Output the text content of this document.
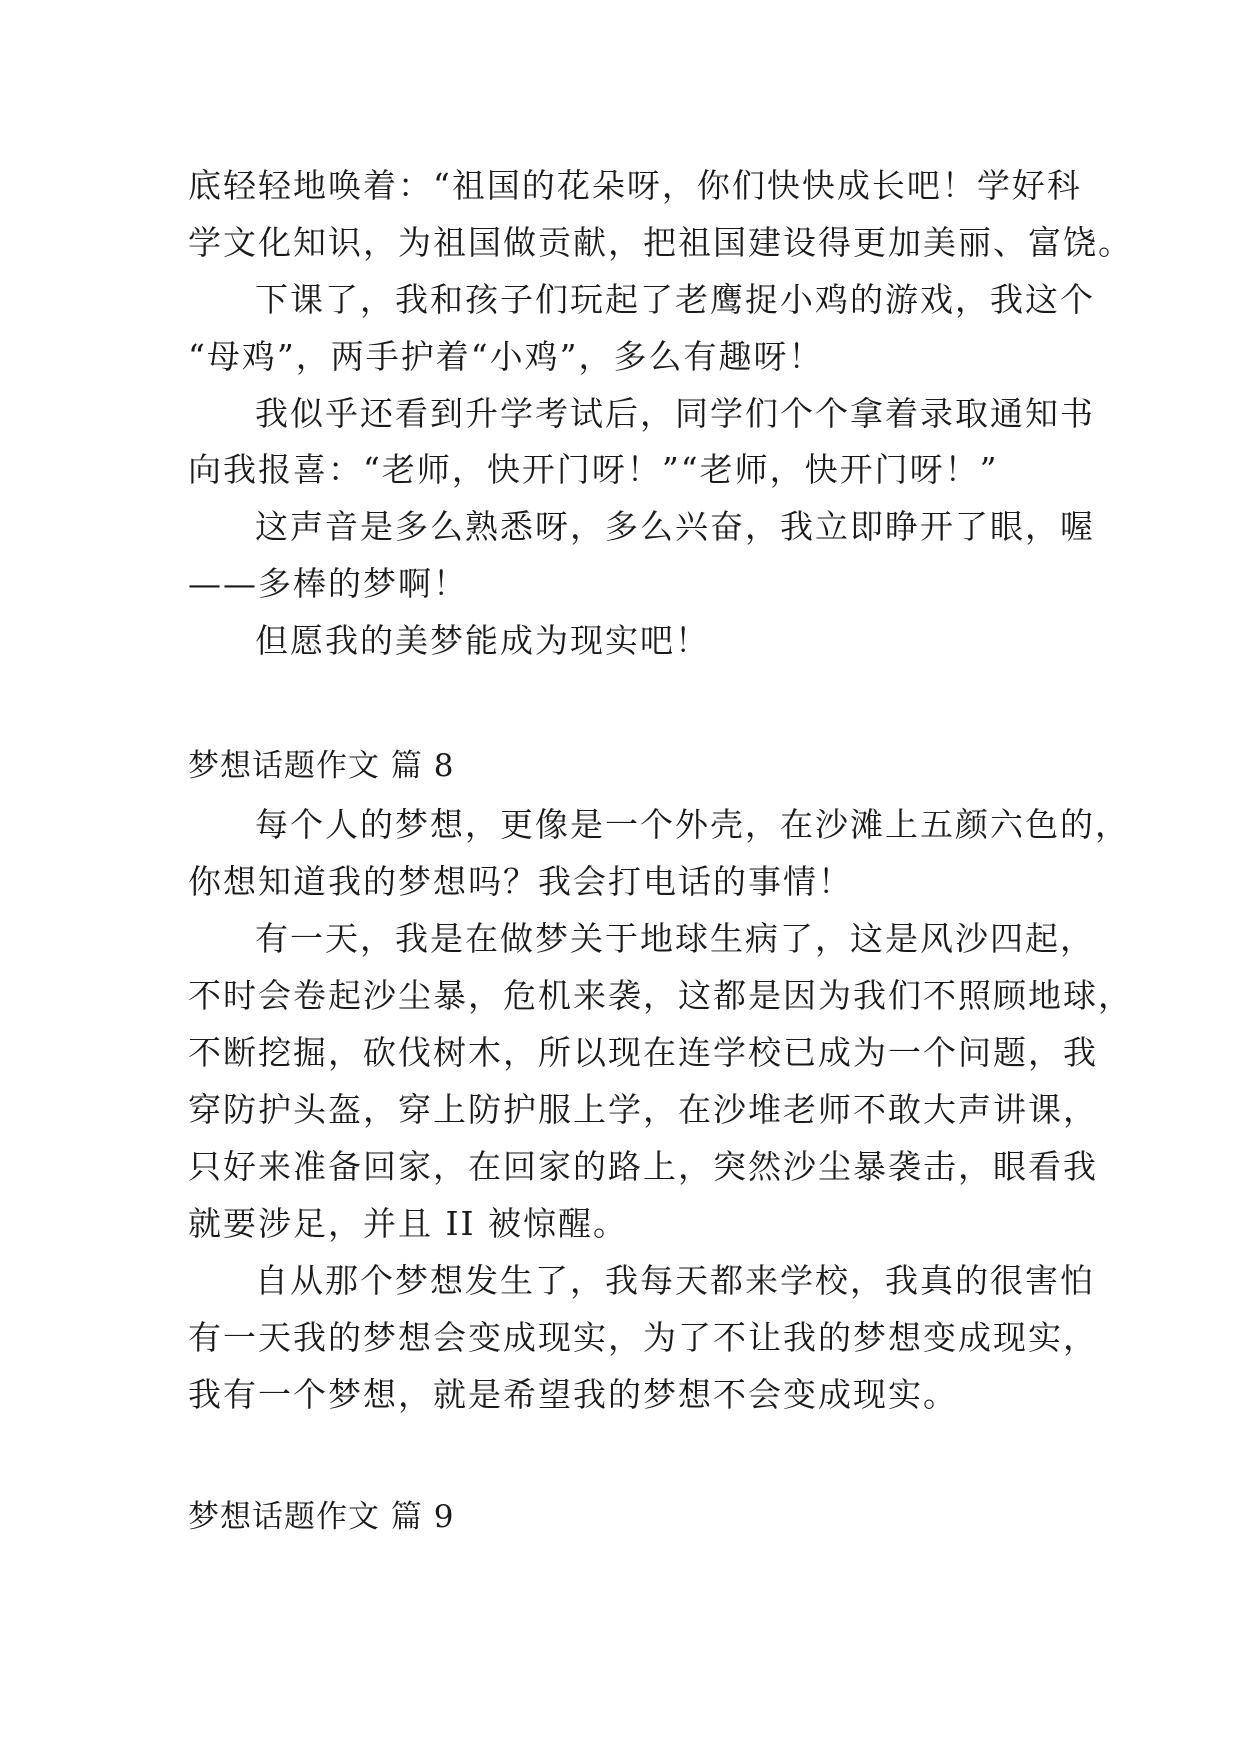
底轻轻地唤着：“祖国的花朵呀，你们快快成长吧！学好科
学文化知识，为祖国做贡献，把祖国建设得更加美丽、富饶。
下课了，我和孩子们玩起了老鹰捉小鸡的游戏，我这个
“母鸡”，两手护着“小鸡”，多么有趣呀！
我似乎还看到升学考试后，同学们个个拿着录取通知书
向我报喜：“老师，快开门呀！”“老师，快开门呀！”
这声音是多么熟悉呀，多么兴奋，我立即睁开了眼，喔
——多棒的梦啊！
但愿我的美梦能成为现实吧！
梦想话题作文 篇 8
每个人的梦想，更像是一个外壳，在沙滩上五颜六色的，
你想知道我的梦想吗？我会打电话的事情！
有一天，我是在做梦关于地球生病了，这是风沙四起，
不时会卷起沙尘暴，危机来袭，这都是因为我们不照顾地球，
不断挖掘，砍伐树木，所以现在连学校已成为一个问题，我
穿防护头盔，穿上防护服上学，在沙堆老师不敢大声讲课，
只好来准备回家，在回家的路上，突然沙尘暴袭击，眼看我
就要涉足，并且 II 被惊醒。
自从那个梦想发生了，我每天都来学校，我真的很害怕
有一天我的梦想会变成现实，为了不让我的梦想变成现实，
我有一个梦想，就是希望我的梦想不会变成现实。
梦想话题作文 篇 9
